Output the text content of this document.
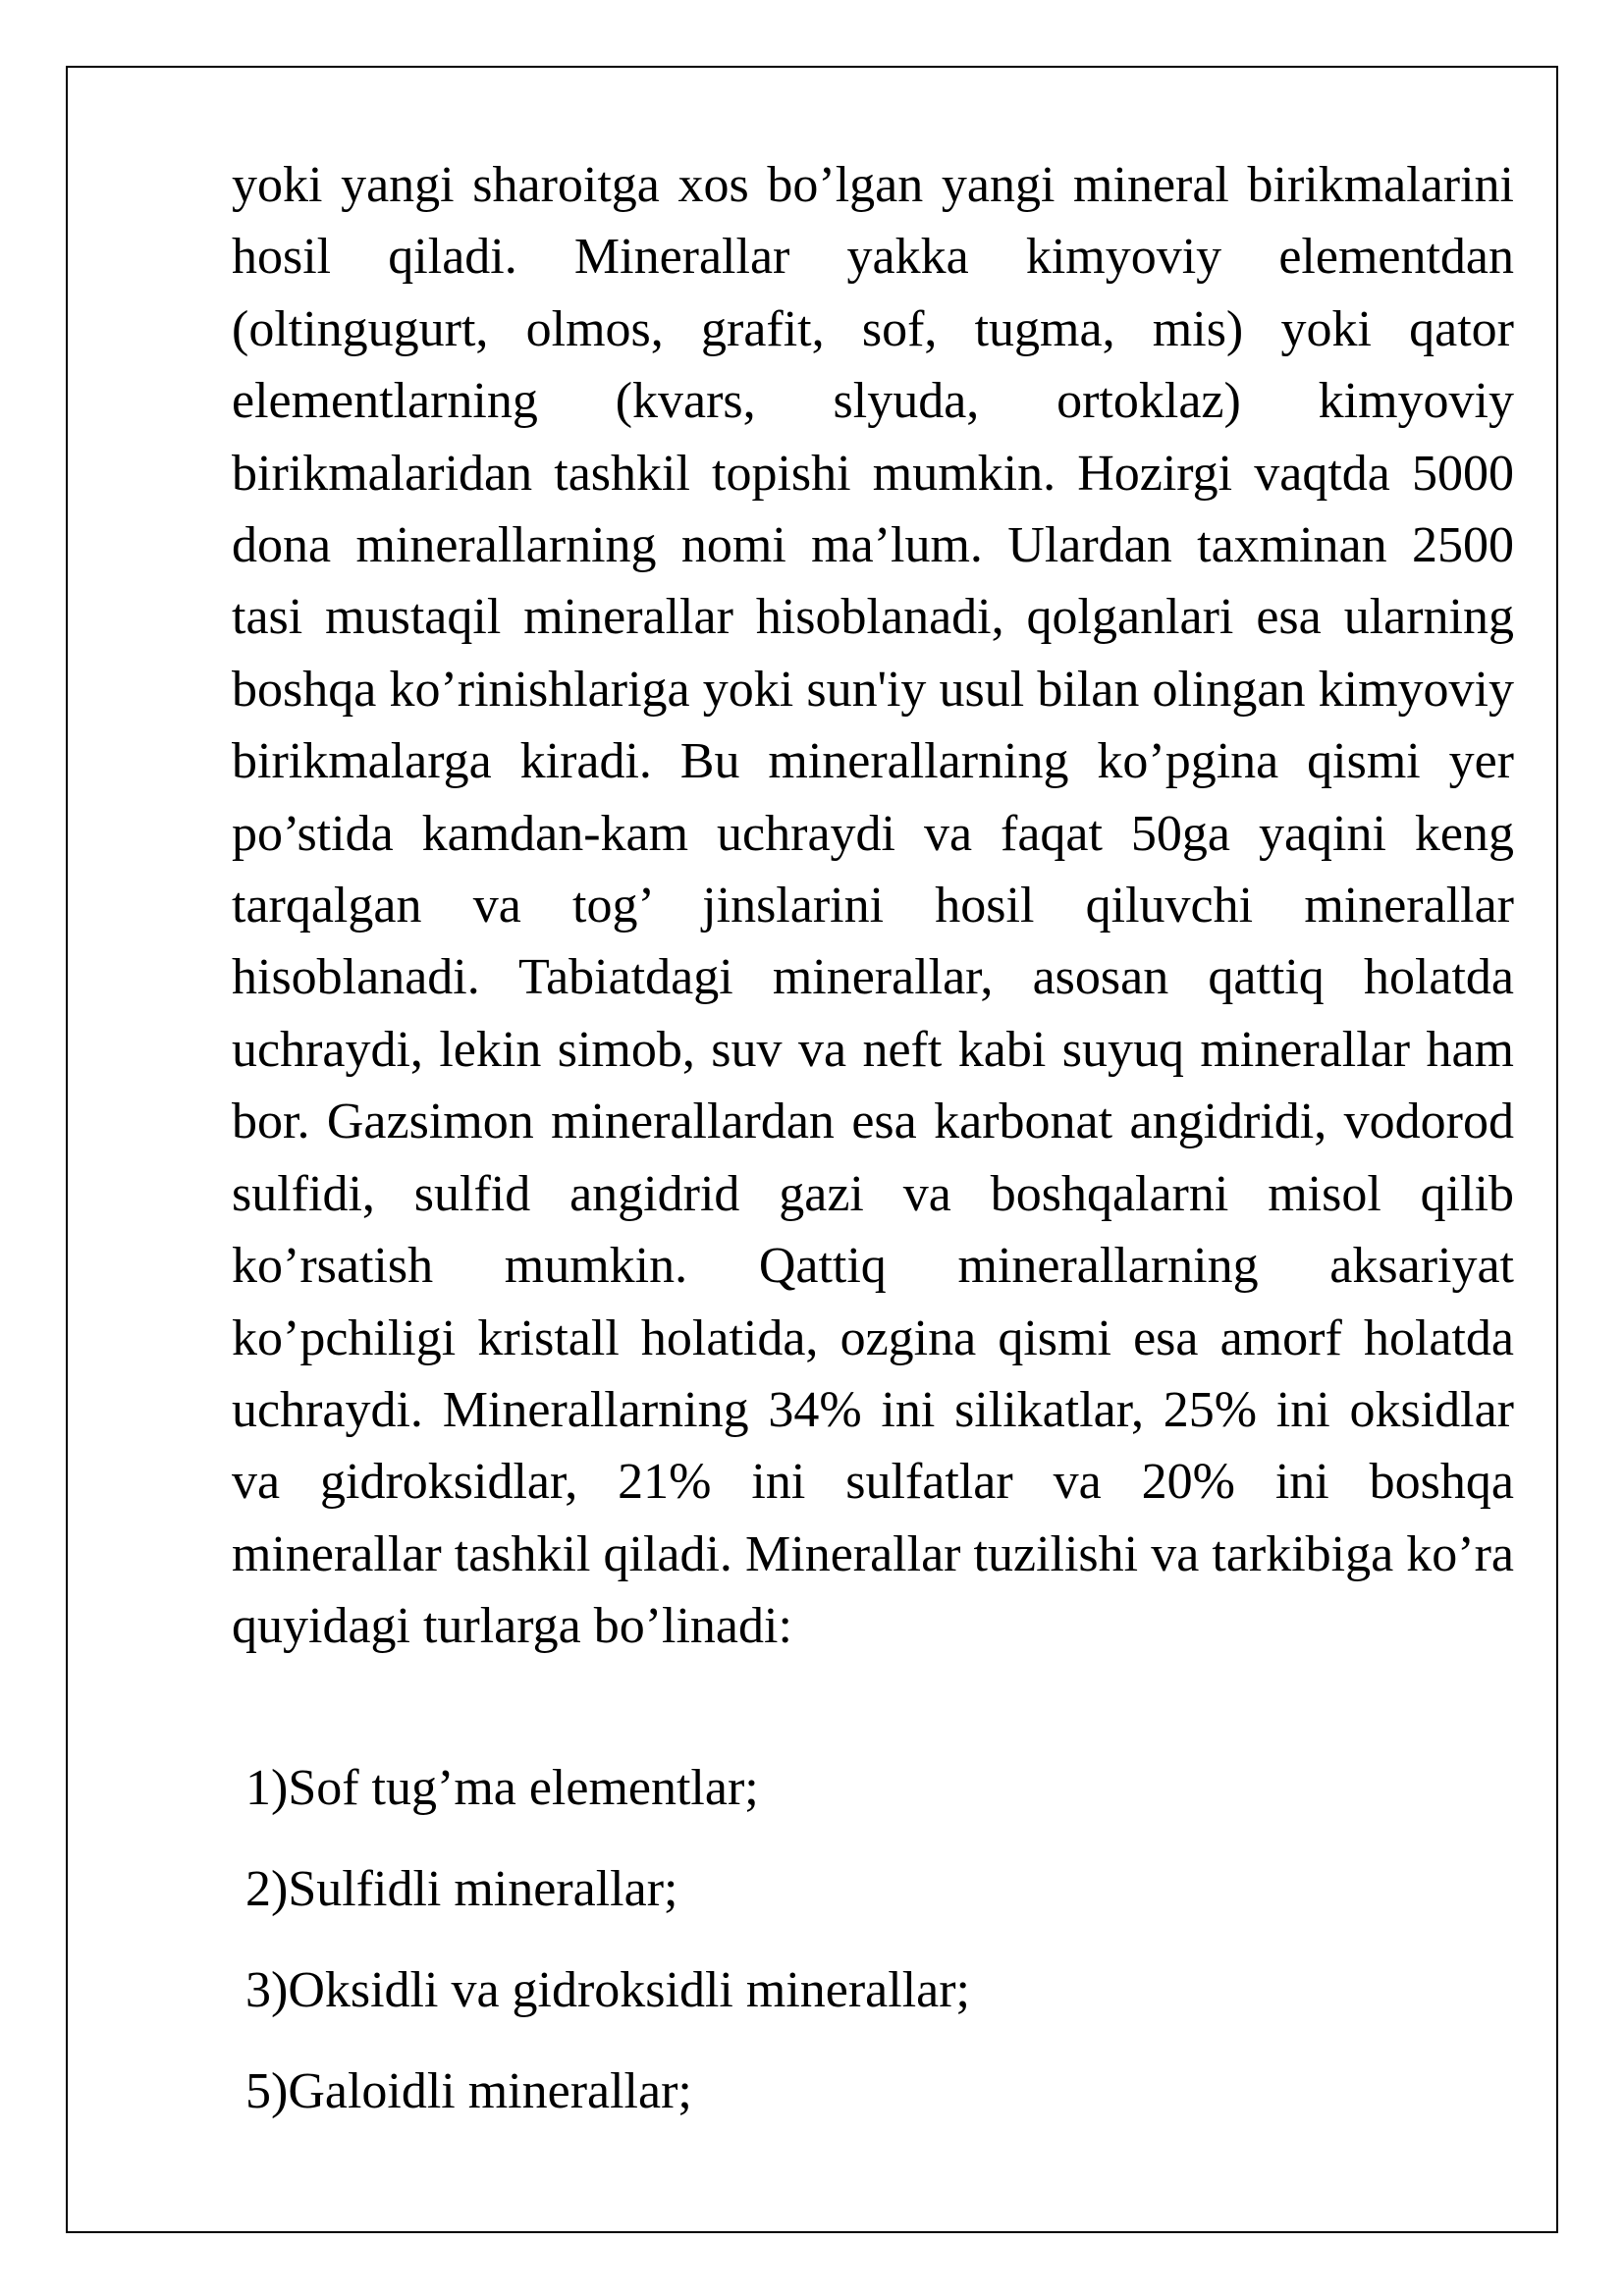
yoki yangi sharoitga xos bo’lgan yangi mineral birikmalarini hosil qiladi. Minerallar yakka kimyoviy elementdan (oltingugurt, olmos, grafit, sof, tugma, mis) yoki qator elementlarning (kvars, slyuda, ortoklaz) kimyoviy birikmalaridan tashkil topishi mumkin. Hozirgi vaqtda 5000 dona minerallarning nomi ma’lum. Ulardan taxminan 2500 tasi mustaqil minerallar hisoblanadi, qolganlari esa ularning boshqa ko’rinishlariga yoki sun'iy usul bilan olingan kimyoviy birikmalarga kiradi. Bu minerallarning ko’pgina qismi yer po’stida kamdan-kam uchraydi va faqat 50ga yaqini keng tarqalgan va tog’ jinslarini hosil qiluvchi minerallar hisoblanadi. Tabiatdagi minerallar, asosan qattiq holatda uchraydi, lekin simob, suv va neft kabi suyuq minerallar ham bor. Gazsimon minerallardan esa karbonat angidridi, vodorod sulfidi, sulfid angidrid gazi va boshqalarni misol qilib ko’rsatish mumkin. Qattiq minerallarning aksariyat ko’pchiligi kristall holatida, ozgina qismi esa amorf holatda uchraydi. Minerallarning 34% ini silikatlar, 25% ini oksidlar va gidroksidlar, 21% ini sulfatlar va 20% ini boshqa minerallar tashkil qiladi. Minerallar tuzilishi va tarkibiga ko’ra quyidagi turlarga bo’linadi:

1)Sof tug’ma elementlar;
2)Sulfidli minerallar;
3)Oksidli va gidroksidli minerallar;
5)Galoidli minerallar;
